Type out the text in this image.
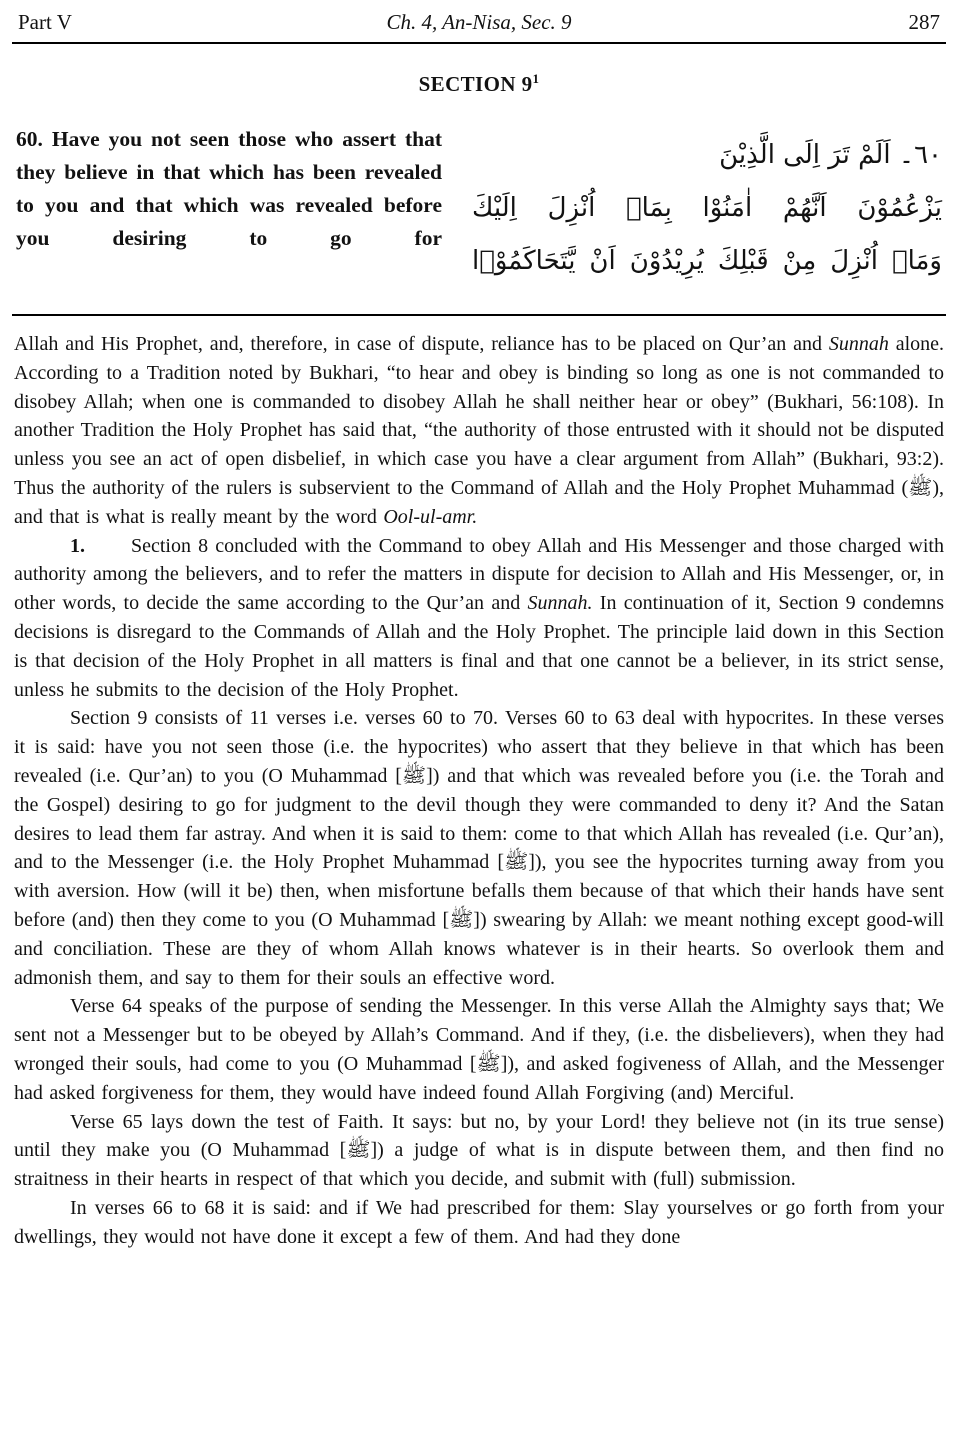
Part V	Ch. 4, An-Nisa, Sec. 9	287
SECTION $9^1$
60. Have you not seen those who assert that they believe in that which has been revealed to you and that which was revealed before you desiring to go for
٦٠۔ اَلَمْ تَرَ اِلَى الَّذِيْنَ
يَزْعُمُوْنَ اَنَّهُمْ اٰمَنُوْا بِمَاۤ اُنْزِلَ اِلَيْكَ
وَمَاۤ اُنْزِلَ مِنْ قَبْلِكَ يُرِيْدُوْنَ اَنْ يَّتَحَاكَمُوْۤا

Allah and His Prophet, and, therefore, in case of dispute, reliance has to be placed on Qur’an and Sunnah alone. According to a Tradition noted by Bukhari, “to hear and obey is binding so long as one is not commanded to disobey Allah; when one is commanded to disobey Allah he shall neither hear or obey” (Bukhari, 56:108). In another Tradition the Holy Prophet has said that, “the authority of those entrusted with it should not be disputed unless you see an act of open disbelief, in which case you have a clear argument from Allah” (Bukhari, 93:2). Thus the authority of the rulers is subservient to the Command of Allah and the Holy Prophet Muhammad (ﷺ), and that is what is really meant by the word Ool-ul-amr.

1. Section 8 concluded with the Command to obey Allah and His Messenger and those charged with authority among the believers, and to refer the matters in dispute for decision to Allah and His Messenger, or, in other words, to decide the same according to the Qur’an and Sunnah. In continuation of it, Section 9 condemns decisions is disregard to the Commands of Allah and the Holy Prophet. The principle laid down in this Section is that decision of the Holy Prophet in all matters is final and that one cannot be a believer, in its strict sense, unless he submits to the decision of the Holy Prophet.

Section 9 consists of 11 verses i.e. verses 60 to 70. Verses 60 to 63 deal with hypocrites. In these verses it is said: have you not seen those (i.e. the hypocrites) who assert that they believe in that which has been revealed (i.e. Qur’an) to you (O Muhammad [ﷺ]) and that which was revealed before you (i.e. the Torah and the Gospel) desiring to go for judgment to the devil though they were commanded to deny it? And the Satan desires to lead them far astray. And when it is said to them: come to that which Allah has revealed (i.e. Qur’an), and to the Messenger (i.e. the Holy Prophet Muhammad [ﷺ]), you see the hypocrites turning away from you with aversion. How (will it be) then, when misfortune befalls them because of that which their hands have sent before (and) then they come to you (O Muhammad [ﷺ]) swearing by Allah: we meant nothing except good-will and conciliation. These are they of whom Allah knows whatever is in their hearts. So overlook them and admonish them, and say to them for their souls an effective word.

Verse 64 speaks of the purpose of sending the Messenger. In this verse Allah the Almighty says that; We sent not a Messenger but to be obeyed by Allah’s Command. And if they, (i.e. the disbelievers), when they had wronged their souls, had come to you (O Muhammad [ﷺ]), and asked fogiveness of Allah, and the Messenger had asked forgiveness for them, they would have indeed found Allah Forgiving (and) Merciful.

Verse 65 lays down the test of Faith. It says: but no, by your Lord! they believe not (in its true sense) until they make you (O Muhammad [ﷺ]) a judge of what is in dispute between them, and then find no straitness in their hearts in respect of that which you decide, and submit with (full) submission.

In verses 66 to 68 it is said: and if We had prescribed for them: Slay yourselves or go forth from your dwellings, they would not have done it except a few of them. And had they done
